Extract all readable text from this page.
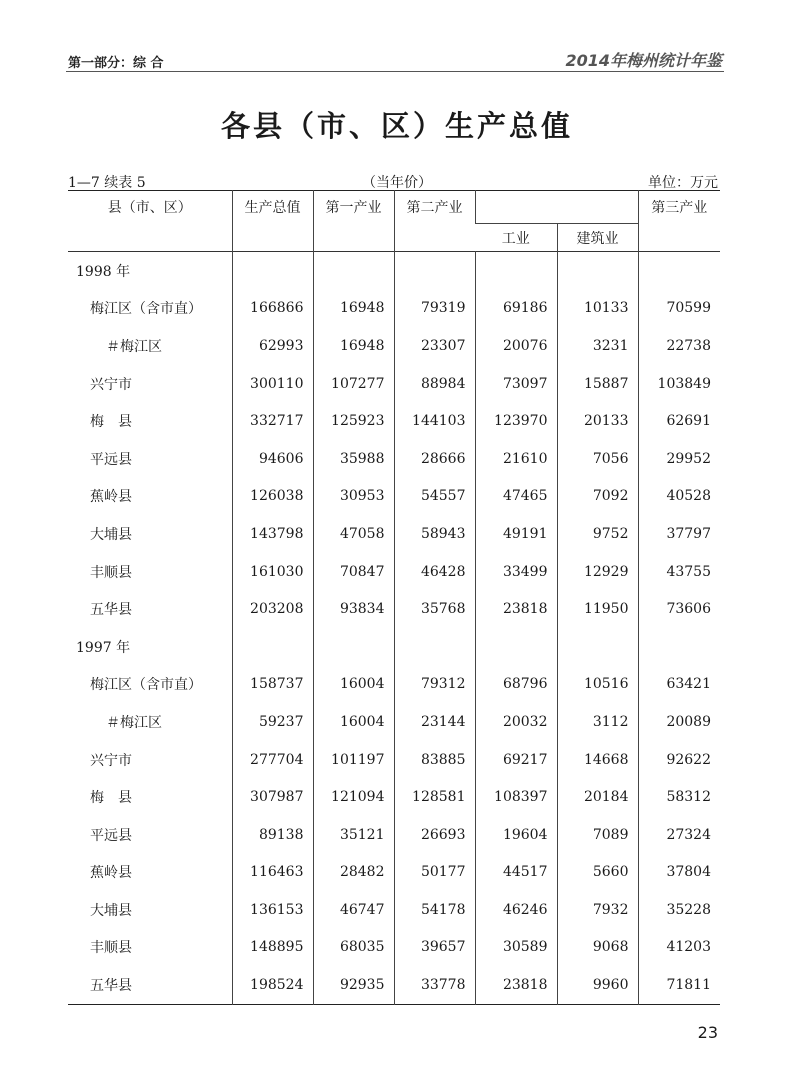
第一部分：综 合	2014年梅州统计年鉴
各县（市、区）生产总值
1—7 续表 5	（当年价）	单位：万元
县（市、区）	生产总值	第一产业	第二产业			第三产业
				工业	建筑业	
1998 年						
梅江区（含市直）	166866	16948	79319	69186	10133	70599
＃梅江区	62993	16948	23307	20076	3231	22738
兴宁市	300110	107277	88984	73097	15887	103849
梅　县	332717	125923	144103	123970	20133	62691
平远县	94606	35988	28666	21610	7056	29952
蕉岭县	126038	30953	54557	47465	7092	40528
大埔县	143798	47058	58943	49191	9752	37797
丰顺县	161030	70847	46428	33499	12929	43755
五华县	203208	93834	35768	23818	11950	73606
1997 年						
梅江区（含市直）	158737	16004	79312	68796	10516	63421
＃梅江区	59237	16004	23144	20032	3112	20089
兴宁市	277704	101197	83885	69217	14668	92622
梅　县	307987	121094	128581	108397	20184	58312
平远县	89138	35121	26693	19604	7089	27324
蕉岭县	116463	28482	50177	44517	5660	37804
大埔县	136153	46747	54178	46246	7932	35228
丰顺县	148895	68035	39657	30589	9068	41203
五华县	198524	92935	33778	23818	9960	71811
23
